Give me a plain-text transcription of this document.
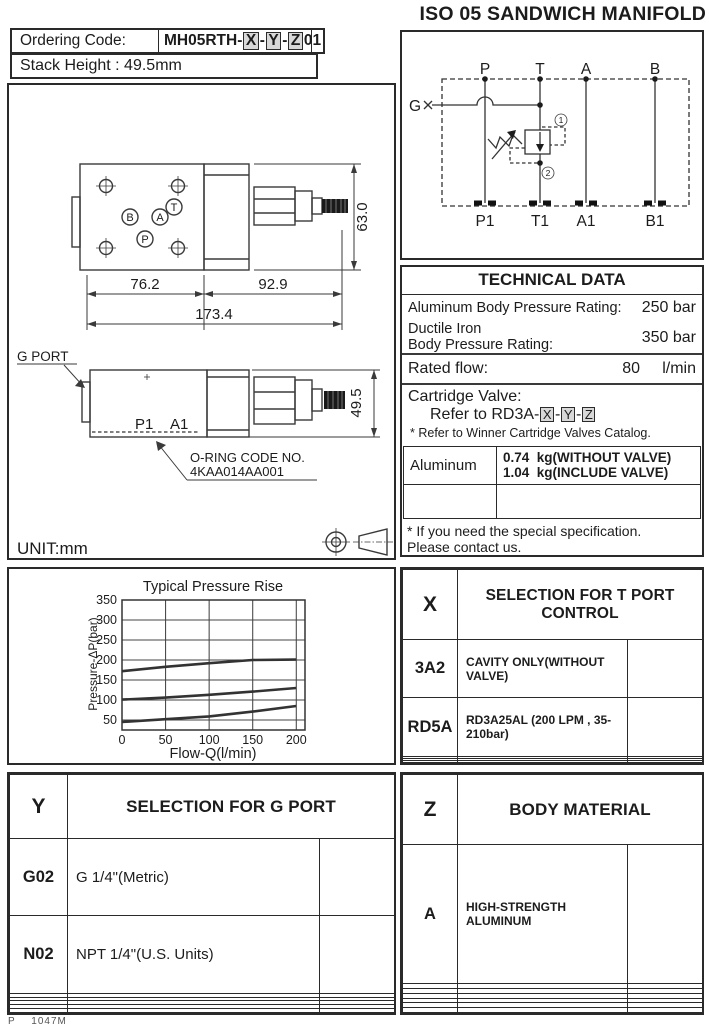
ISO 05 SANDWICH MANIFOLD
Ordering Code:	MH05RTH- X - Y - Z 01
Stack Height : 49.5mm
1
2
G
P	T A	B
P1 T1 A1	B1
T
B A
P
76.2	92.9
173.4
63.0
P1 A1
G PORT
O-RING CODE NO.
4KAA014AA001
49.5
UNIT:mm
TECHNICAL DATA
Aluminum Body Pressure Rating: 250 bar
Ductile Iron
Body Pressure Rating:	350 bar
Rated flow:	80	l/min
Cartridge Valve:
Refer to RD3A- X - Y - Z
* Refer to Winner Cartridge Valves Catalog.
Aluminum	0.74  kg(WITHOUT VALVE)
1.04  kg(INCLUDE VALVE)
* If you need the special specification.
Please contact us.
Typical Pressure Rise
Pressure-ΔP(bar)
Flow-Q(l/min)
0	50 100 150 200
50
100
150
200
250
300
350	X	SELECTION FOR T PORT CONTROL	
3A2	CAVITY ONLY(WITHOUT VALVE)	
RD5A	RD3A25AL (200 LPM , 35-210bar)	

Y	SELECTION FOR G PORT	
G02	G 1/4"(Metric)	
N02	NPT 1/4"(U.S. Units)	

Z	BODY MATERIAL	
A	HIGH-STRENGTH ALUMINUM	

P 1047M
